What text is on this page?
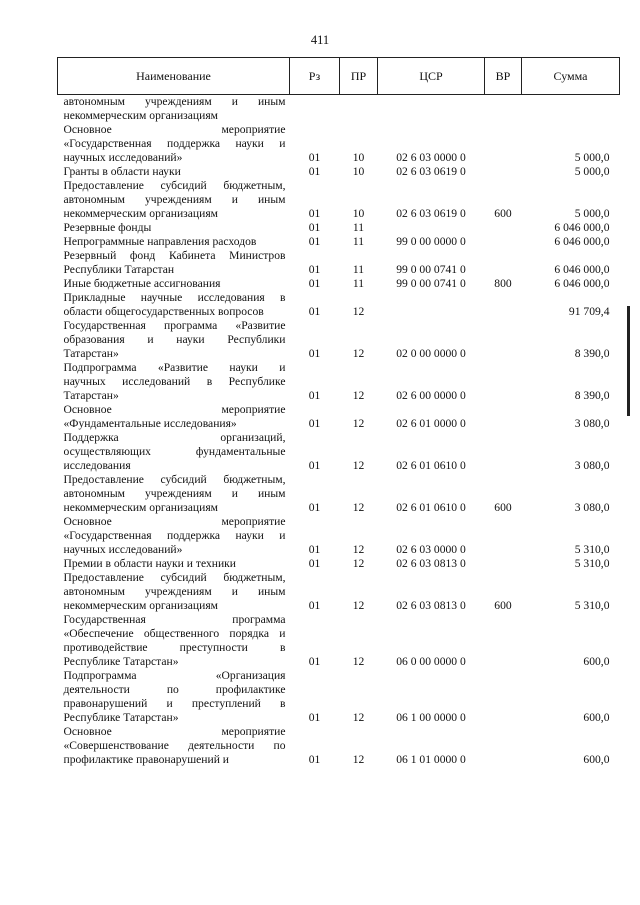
411
Наименование	Рз	ПР	ЦСР	ВР	Сумма

автономным учреждениям и иным
некоммерческим организациям					

Основное мероприятие
«Государственная поддержка науки и
научных исследований»	01	10	02 6 03 0000 0		5 000,0

Гранты в области науки	01	10	02 6 03 0619 0		5 000,0

Предоставление субсидий бюджетным,
автономным учреждениям и иным
некоммерческим организациям	01	10	02 6 03 0619 0	600	5 000,0

Резервные фонды	01	11			6 046 000,0

Непрограммные направления расходов	01	11	99 0 00 0000 0		6 046 000,0

Резервный фонд Кабинета Министров
Республики Татарстан	01	11	99 0 00 0741 0		6 046 000,0

Иные бюджетные ассигнования	01	11	99 0 00 0741 0	800	6 046 000,0

Прикладные научные исследования в
области общегосударственных вопросов	01	12			91 709,4

Государственная программа «Развитие
образования и науки Республики
Татарстан»	01	12	02 0 00 0000 0		8 390,0

Подпрограмма «Развитие науки и
научных исследований в Республике
Татарстан»	01	12	02 6 00 0000 0		8 390,0

Основное мероприятие
«Фундаментальные исследования»	01	12	02 6 01 0000 0		3 080,0

Поддержка организаций,
осуществляющих фундаментальные
исследования	01	12	02 6 01 0610 0		3 080,0

Предоставление субсидий бюджетным,
автономным учреждениям и иным
некоммерческим организациям	01	12	02 6 01 0610 0	600	3 080,0

Основное мероприятие
«Государственная поддержка науки и
научных исследований»	01	12	02 6 03 0000 0		5 310,0

Премии в области науки и техники	01	12	02 6 03 0813 0		5 310,0

Предоставление субсидий бюджетным,
автономным учреждениям и иным
некоммерческим организациям	01	12	02 6 03 0813 0	600	5 310,0

Государственная программа
«Обеспечение общественного порядка и
противодействие преступности в
Республике Татарстан»	01	12	06 0 00 0000 0		600,0

Подпрограмма «Организация
деятельности по профилактике
правонарушений и преступлений в
Республике Татарстан»	01	12	06 1 00 0000 0		600,0

Основное мероприятие
«Совершенствование деятельности по
профилактике правонарушений и	01	12	06 1 01 0000 0		600,0
